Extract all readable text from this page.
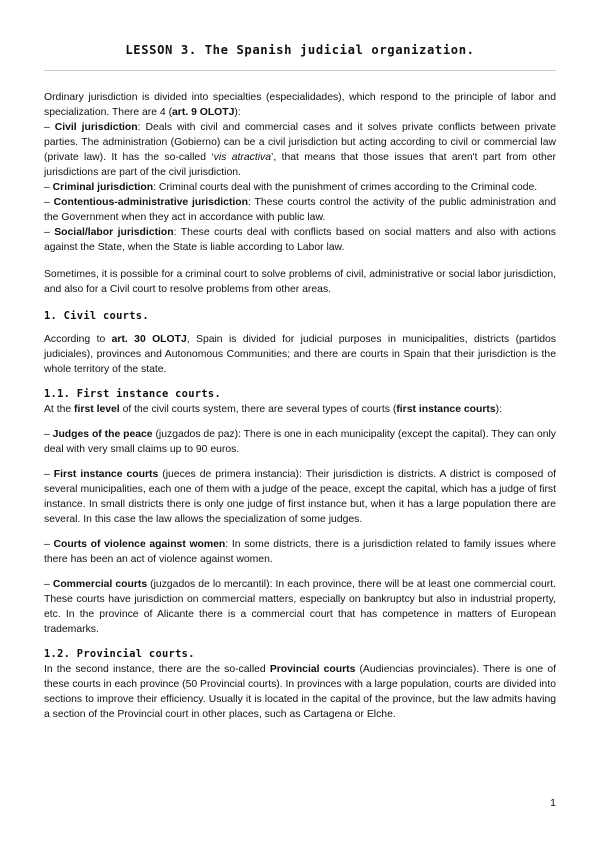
LESSON 3. The Spanish judicial organization.

Ordinary jurisdiction is divided into specialties (especialidades), which respond to the principle of labor and specialization. There are 4 (art. 9 OLOTJ):

– Civil jurisdiction: Deals with civil and commercial cases and it solves private conflicts between private parties. The administration (Gobierno) can be a civil jurisdiction but acting according to civil or commercial law (private law). It has the so-called ‘vis atractiva’, that means that those issues that aren't part from other jurisdictions are part of the civil jurisdiction.

– Criminal jurisdiction: Criminal courts deal with the punishment of crimes according to the Criminal code.

– Contentious-administrative jurisdiction: These courts control the activity of the public administration and the Government when they act in accordance with public law.

– Social/labor jurisdiction: These courts deal with conflicts based on social matters and also with actions against the State, when the State is liable according to Labor law.

Sometimes, it is possible for a criminal court to solve problems of civil, administrative or social labor jurisdiction, and also for a Civil court to resolve problems from other areas.

1. Civil courts.

According to art. 30 OLOTJ, Spain is divided for judicial purposes in municipalities, districts (partidos judiciales), provinces and Autonomous Communities; and there are courts in Spain that their jurisdiction is the whole territory of the state.

1.1. First instance courts.

At the first level of the civil courts system, there are several types of courts (first instance courts):

– Judges of the peace (juzgados de paz): There is one in each municipality (except the capital). They can only deal with very small claims up to 90 euros.

– First instance courts (jueces de primera instancia): Their jurisdiction is districts. A district is composed of several municipalities, each one of them with a judge of the peace, except the capital, which has a judge of first instance. In small districts there is only one judge of first instance but, when it has a large population there are several. In this case the law allows the specialization of some judges.

– Courts of violence against women: In some districts, there is a jurisdiction related to family issues where there has been an act of violence against women.

– Commercial courts (juzgados de lo mercantil): In each province, there will be at least one commercial court. These courts have jurisdiction on commercial matters, especially on bankruptcy but also in industrial property, etc. In the province of Alicante there is a commercial court that has competence in matters of European trademarks.

1.2. Provincial courts.

In the second instance, there are the so-called Provincial courts (Audiencias provinciales). There is one of these courts in each province (50 Provincial courts). In provinces with a large population, courts are divided into sections to improve their efficiency. Usually it is located in the capital of the province, but the law admits having a section of the Provincial court in other places, such as Cartagena or Elche.

1
